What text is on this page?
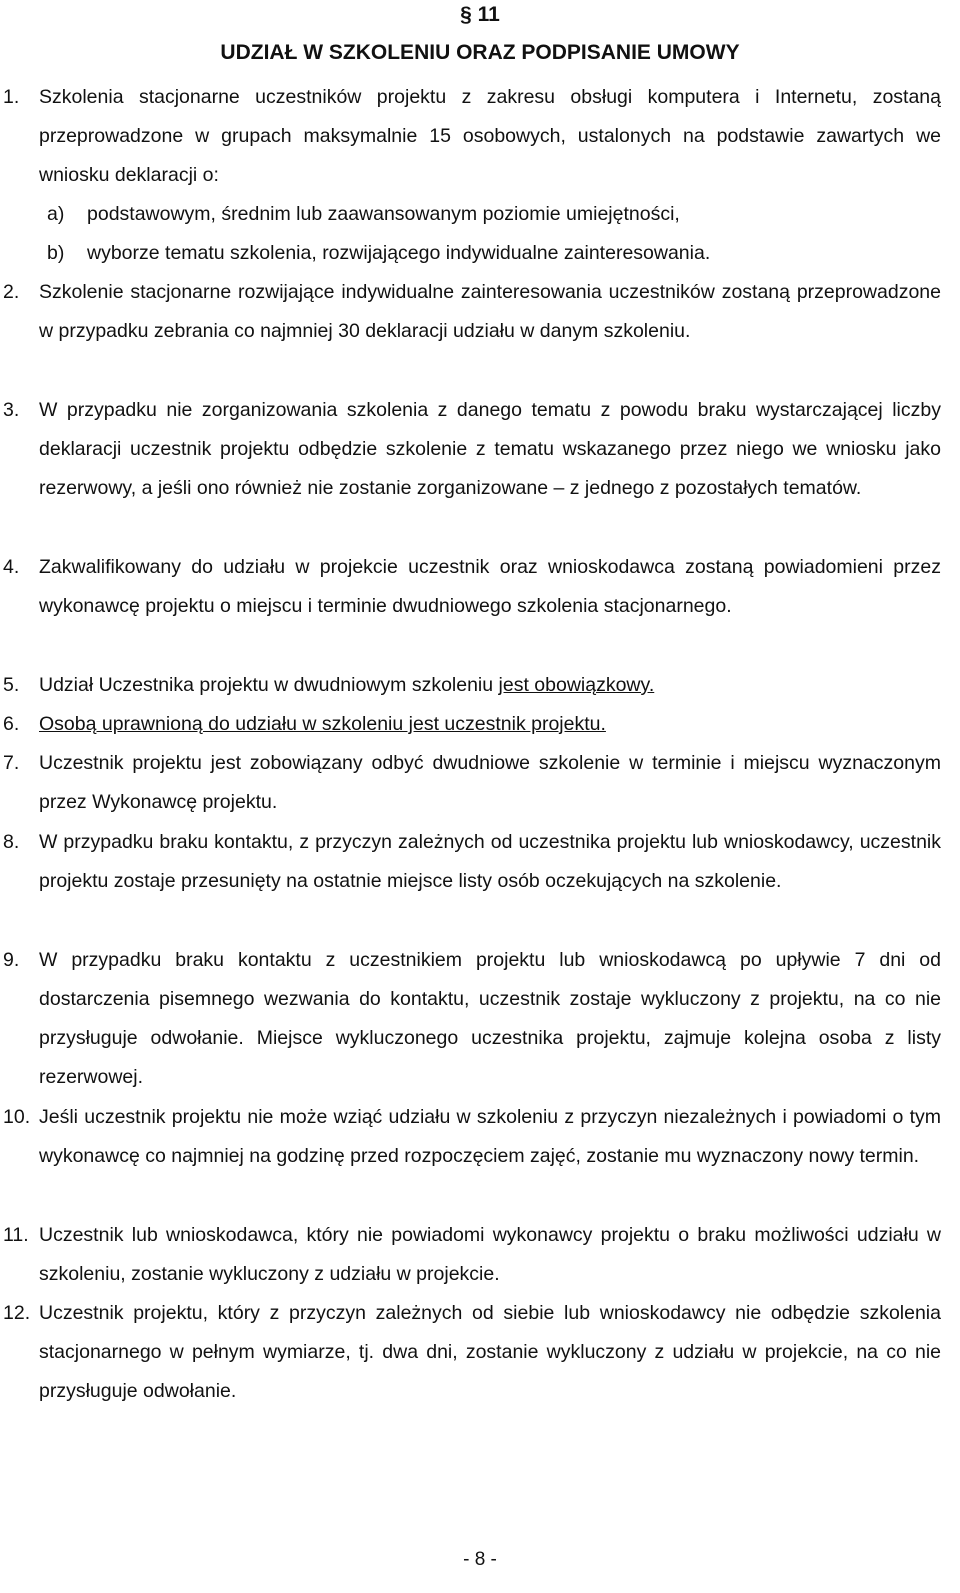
§ 11
UDZIAŁ W SZKOLENIU ORAZ PODPISANIE UMOWY
1.	Szkolenia stacjonarne uczestników projektu z zakresu obsługi komputera i Internetu, zostaną przeprowadzone w grupach maksymalnie 15 osobowych, ustalonych na podstawie zawartych we wniosku deklaracji o:
a) podstawowym, średnim lub zaawansowanym poziomie umiejętności,
b) wyborze tematu szkolenia, rozwijającego indywidualne zainteresowania.
2.	Szkolenie stacjonarne rozwijające indywidualne zainteresowania uczestników zostaną przeprowadzone w przypadku zebrania co najmniej 30 deklaracji udziału w danym szkoleniu.
3.	W przypadku nie zorganizowania szkolenia z danego tematu z powodu braku wystarczającej liczby deklaracji uczestnik projektu odbędzie szkolenie z tematu wskazanego przez niego we wniosku jako rezerwowy, a jeśli ono również nie zostanie zorganizowane – z jednego z pozostałych tematów.
4.	Zakwalifikowany do udziału w projekcie uczestnik oraz wnioskodawca zostaną powiadomieni przez wykonawcę projektu o miejscu i terminie dwudniowego szkolenia stacjonarnego.
5.	Udział Uczestnika projektu w dwudniowym szkoleniu jest obowiązkowy.
6.	Osobą uprawnioną do udziału w szkoleniu jest uczestnik projektu.
7.	Uczestnik projektu jest zobowiązany odbyć dwudniowe szkolenie w terminie i miejscu wyznaczonym przez Wykonawcę projektu.
8.	W przypadku braku kontaktu, z przyczyn zależnych od uczestnika projektu lub wnioskodawcy, uczestnik projektu zostaje przesunięty na ostatnie miejsce listy osób oczekujących na szkolenie.
9.	W przypadku braku kontaktu z uczestnikiem projektu lub wnioskodawcą po upływie 7 dni od dostarczenia pisemnego wezwania do kontaktu, uczestnik zostaje wykluczony z projektu, na co nie przysługuje odwołanie. Miejsce wykluczonego uczestnika projektu, zajmuje kolejna osoba z listy rezerwowej.
10. Jeśli uczestnik projektu nie może wziąć udziału w szkoleniu z przyczyn niezależnych i powiadomi o tym wykonawcę co najmniej na godzinę przed rozpoczęciem zajęć, zostanie mu wyznaczony nowy termin.
11. Uczestnik lub wnioskodawca, który nie powiadomi wykonawcy projektu o braku możliwości udziału w szkoleniu, zostanie wykluczony z udziału w projekcie.
12. Uczestnik projektu, który z przyczyn zależnych od siebie lub wnioskodawcy nie odbędzie szkolenia stacjonarnego w pełnym wymiarze, tj. dwa dni, zostanie wykluczony z udziału w projekcie, na co nie przysługuje odwołanie.
- 8 -
